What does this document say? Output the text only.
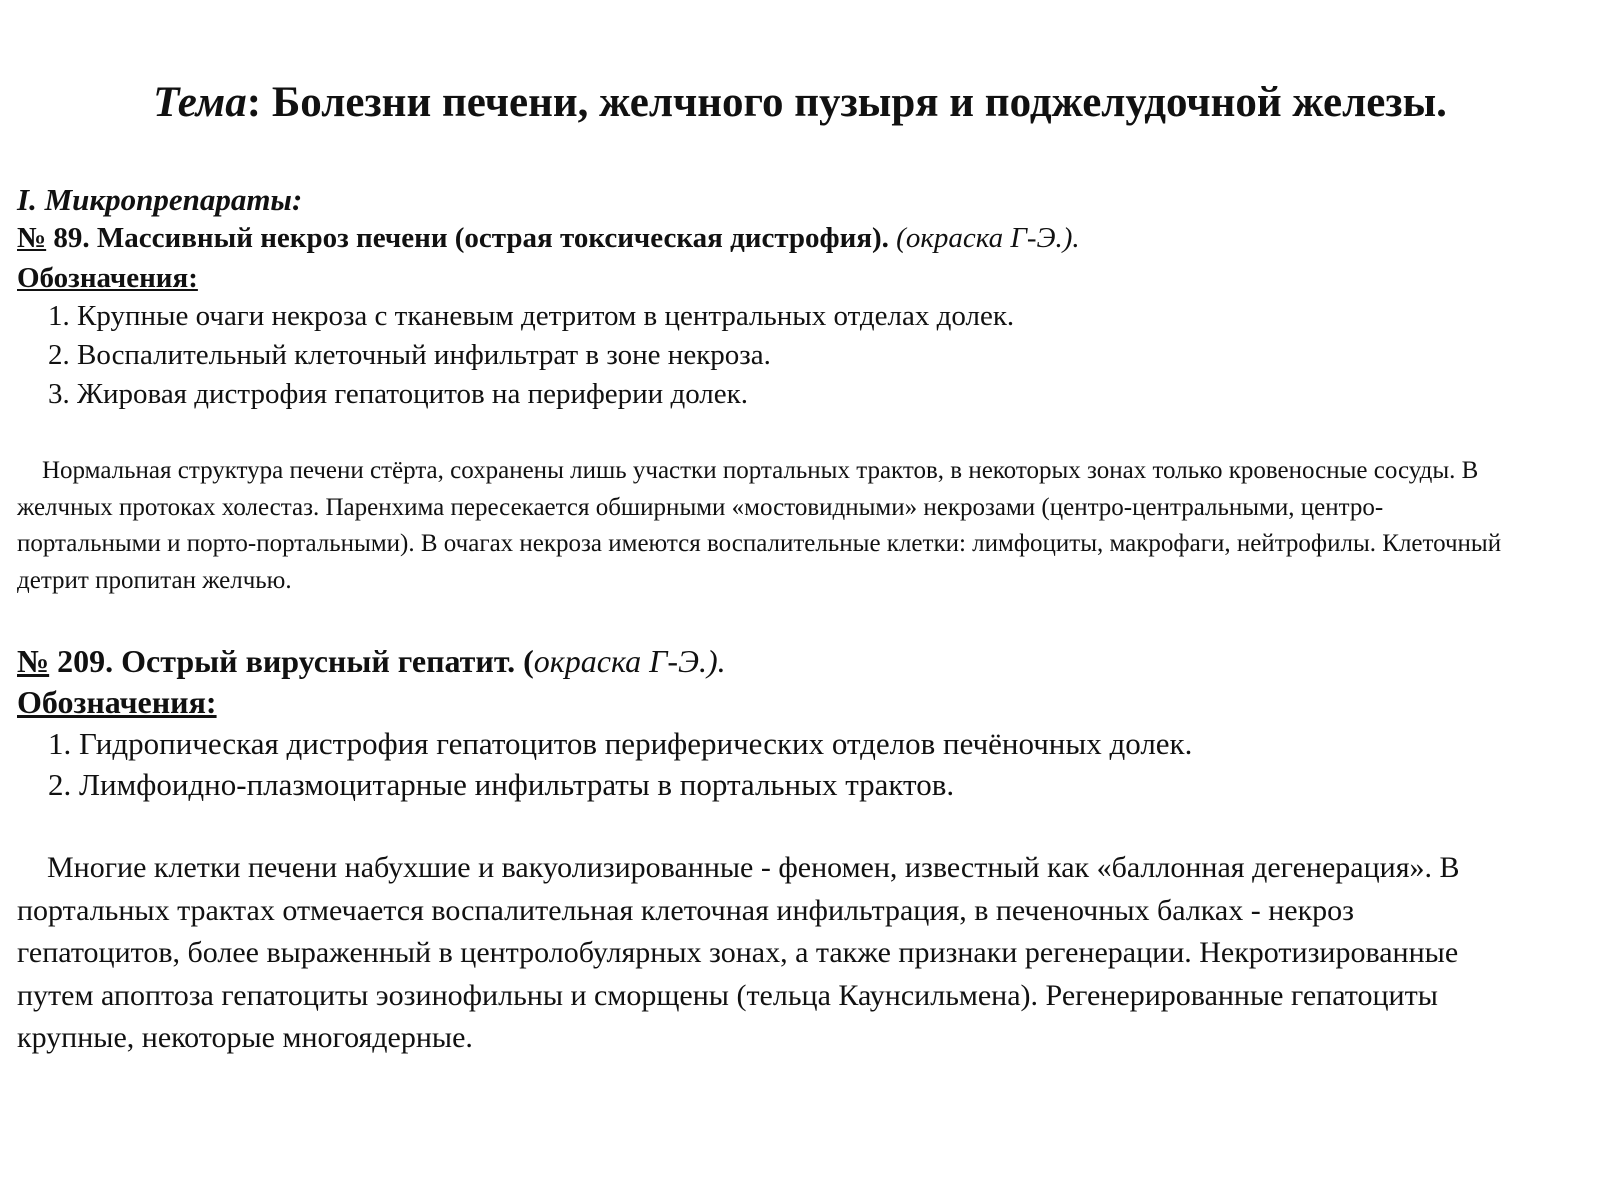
Тема: Болезни печени, желчного пузыря и поджелудочной железы.
I. Микропрепараты:
№ 89. Массивный некроз печени (острая токсическая дистрофия). (окраска Г-Э.).
Обозначения:
1. Крупные очаги некроза с тканевым детритом в центральных отделах долек.
2. Воспалительный клеточный инфильтрат в зоне некроза.
3. Жировая дистрофия гепатоцитов на периферии долек.

Нормальная структура печени стёрта, сохранены лишь участки портальных трактов, в некоторых зонах только кровеносные сосуды. В желчных протоках холестаз. Паренхима пересекается обширными «мостовидными» некрозами (центро-центральными, центро-портальными и порто-портальными). В очагах некроза имеются воспалительные клетки: лимфоциты, макрофаги, нейтрофилы. Клеточный детрит пропитан желчью.

№ 209. Острый вирусный гепатит. (окраска Г-Э.).
Обозначения:
1. Гидропическая дистрофия гепатоцитов периферических отделов печёночных долек.
2. Лимфоидно-плазмоцитарные инфильтраты в портальных трактов.

Многие клетки печени набухшие и вакуолизированные - феномен, известный как «баллонная дегенерация». В портальных трактах отмечается воспалительная клеточная инфильтрация, в печеночных балках - некроз гепатоцитов, более выраженный в центролобулярных зонах, а также признаки регенерации. Некротизированные путем апоптоза гепатоциты эозинофильны и сморщены (тельца Каунсильмена). Регенерированные гепатоциты крупные, некоторые многоядерные.
